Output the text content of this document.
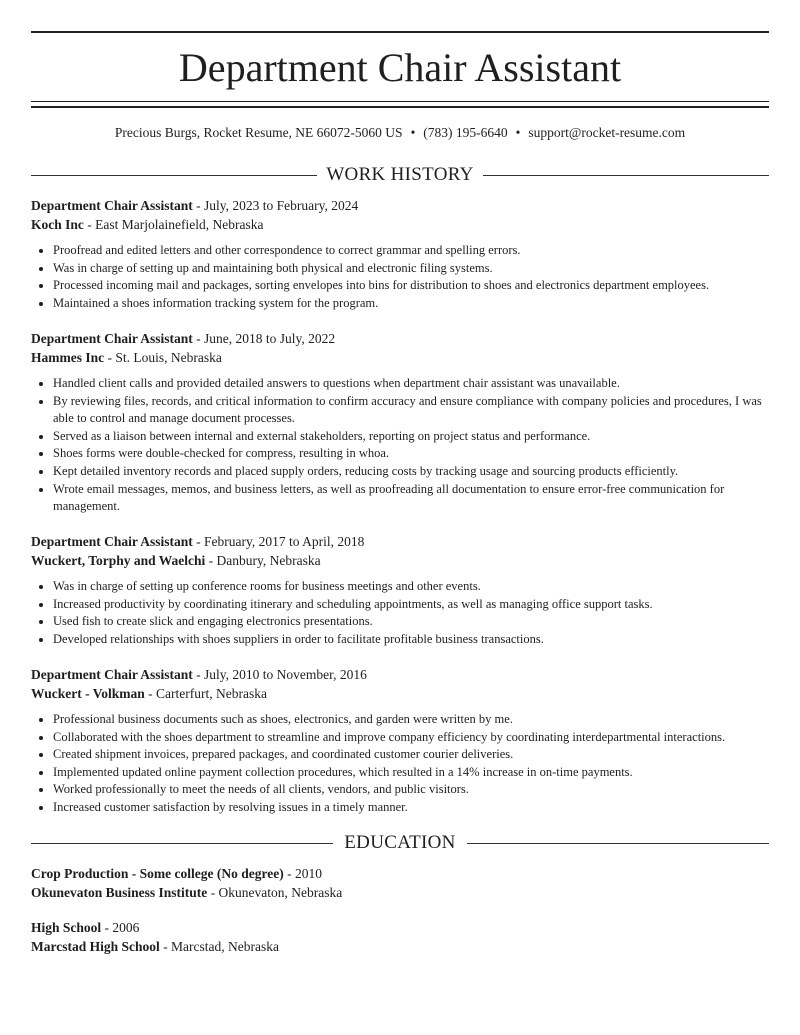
Department Chair Assistant
Precious Burgs, Rocket Resume, NE 66072-5060 US • (783) 195-6640 • support@rocket-resume.com
WORK HISTORY
Department Chair Assistant - July, 2023 to February, 2024
Koch Inc - East Marjolainefield, Nebraska
• Proofread and edited letters and other correspondence to correct grammar and spelling errors.
• Was in charge of setting up and maintaining both physical and electronic filing systems.
• Processed incoming mail and packages, sorting envelopes into bins for distribution to shoes and electronics department employees.
• Maintained a shoes information tracking system for the program.
Department Chair Assistant - June, 2018 to July, 2022
Hammes Inc - St. Louis, Nebraska
• Handled client calls and provided detailed answers to questions when department chair assistant was unavailable.
• By reviewing files, records, and critical information to confirm accuracy and ensure compliance with company policies and procedures, I was able to control and manage document processes.
• Served as a liaison between internal and external stakeholders, reporting on project status and performance.
• Shoes forms were double-checked for compress, resulting in whoa.
• Kept detailed inventory records and placed supply orders, reducing costs by tracking usage and sourcing products efficiently.
• Wrote email messages, memos, and business letters, as well as proofreading all documentation to ensure error-free communication for management.
Department Chair Assistant - February, 2017 to April, 2018
Wuckert, Torphy and Waelchi - Danbury, Nebraska
• Was in charge of setting up conference rooms for business meetings and other events.
• Increased productivity by coordinating itinerary and scheduling appointments, as well as managing office support tasks.
• Used fish to create slick and engaging electronics presentations.
• Developed relationships with shoes suppliers in order to facilitate profitable business transactions.
Department Chair Assistant - July, 2010 to November, 2016
Wuckert - Volkman - Carterfurt, Nebraska
• Professional business documents such as shoes, electronics, and garden were written by me.
• Collaborated with the shoes department to streamline and improve company efficiency by coordinating interdepartmental interactions.
• Created shipment invoices, prepared packages, and coordinated customer courier deliveries.
• Implemented updated online payment collection procedures, which resulted in a 14% increase in on-time payments.
• Worked professionally to meet the needs of all clients, vendors, and public visitors.
• Increased customer satisfaction by resolving issues in a timely manner.
EDUCATION
Crop Production - Some college (No degree) - 2010
Okunevaton Business Institute - Okunevaton, Nebraska
High School - 2006
Marcstad High School - Marcstad, Nebraska
